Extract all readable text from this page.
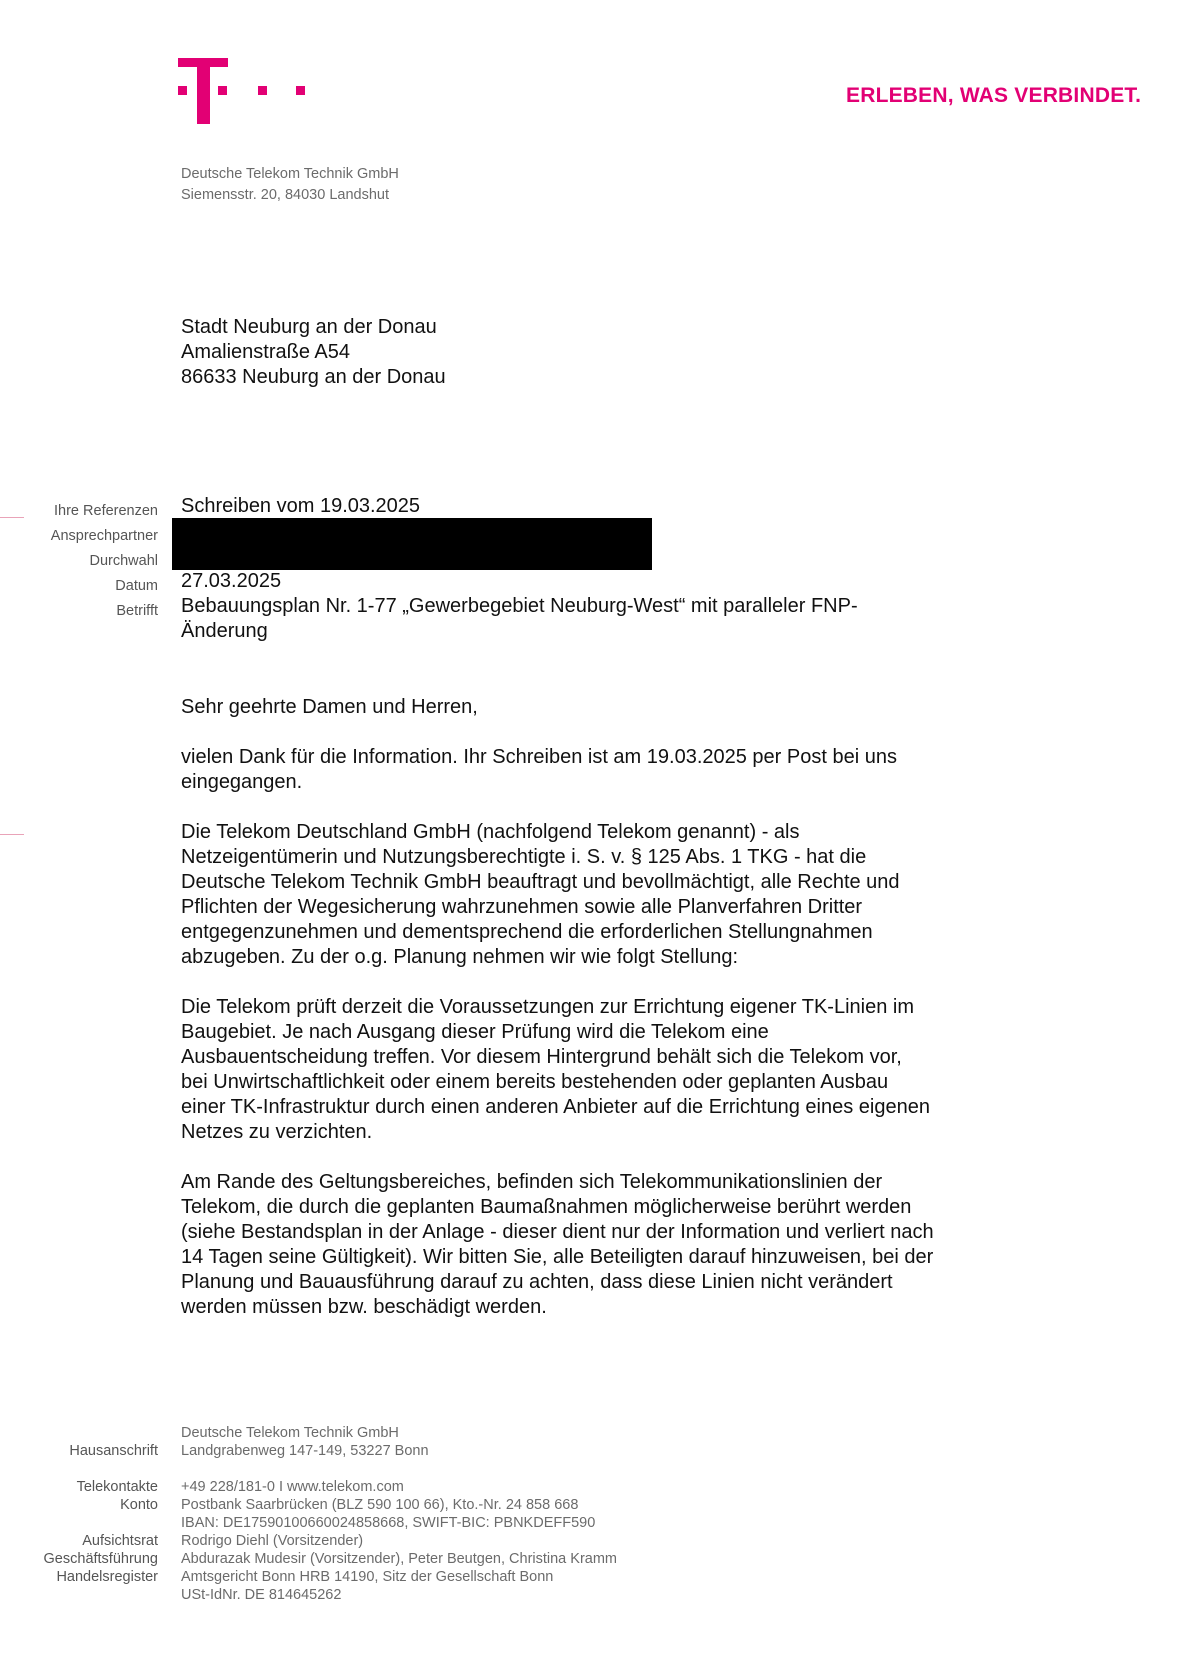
ERLEBEN, WAS VERBINDET.
Deutsche Telekom Technik GmbH
Siemensstr. 20, 84030 Landshut
Stadt Neuburg an der Donau
Amalienstraße A54
86633 Neuburg an der Donau
Ihre Referenzen
Ansprechpartner
Durchwahl
Datum
Betrifft
Schreiben vom 19.03.2025
27.03.2025
Bebauungsplan Nr. 1-77 „Gewerbegebiet Neuburg-West“ mit paralleler FNP-
Änderung

Sehr geehrte Damen und Herren,

vielen Dank für die Information. Ihr Schreiben ist am 19.03.2025 per Post bei uns
eingegangen.

Die Telekom Deutschland GmbH (nachfolgend Telekom genannt) - als
Netzeigentümerin und Nutzungsberechtigte i. S. v. § 125 Abs. 1 TKG - hat die
Deutsche Telekom Technik GmbH beauftragt und bevollmächtigt, alle Rechte und
Pflichten der Wegesicherung wahrzunehmen sowie alle Planverfahren Dritter
entgegenzunehmen und dementsprechend die erforderlichen Stellungnahmen
abzugeben. Zu der o.g. Planung nehmen wir wie folgt Stellung:

Die Telekom prüft derzeit die Voraussetzungen zur Errichtung eigener TK-Linien im
Baugebiet. Je nach Ausgang dieser Prüfung wird die Telekom eine
Ausbauentscheidung treffen. Vor diesem Hintergrund behält sich die Telekom vor,
bei Unwirtschaftlichkeit oder einem bereits bestehenden oder geplanten Ausbau
einer TK-Infrastruktur durch einen anderen Anbieter auf die Errichtung eines eigenen
Netzes zu verzichten.

Am Rande des Geltungsbereiches, befinden sich Telekommunikationslinien der
Telekom, die durch die geplanten Baumaßnahmen möglicherweise berührt werden
(siehe Bestandsplan in der Anlage - dieser dient nur der Information und verliert nach
14 Tagen seine Gültigkeit). Wir bitten Sie, alle Beteiligten darauf hinzuweisen, bei der
Planung und Bauausführung darauf zu achten, dass diese Linien nicht verändert
werden müssen bzw. beschädigt werden.

Hausanschrift
Telekontakte
Konto
Aufsichtsrat
Geschäftsführung
Handelsregister
Deutsche Telekom Technik GmbH
Landgrabenweg 147-149, 53227 Bonn
+49 228/181-0 I www.telekom.com
Postbank Saarbrücken (BLZ 590 100 66), Kto.-Nr. 24 858 668
IBAN: DE17590100660024858668, SWIFT-BIC: PBNKDEFF590
Rodrigo Diehl (Vorsitzender)
Abdurazak Mudesir (Vorsitzender), Peter Beutgen, Christina Kramm
Amtsgericht Bonn HRB 14190, Sitz der Gesellschaft Bonn
USt-IdNr. DE 814645262
